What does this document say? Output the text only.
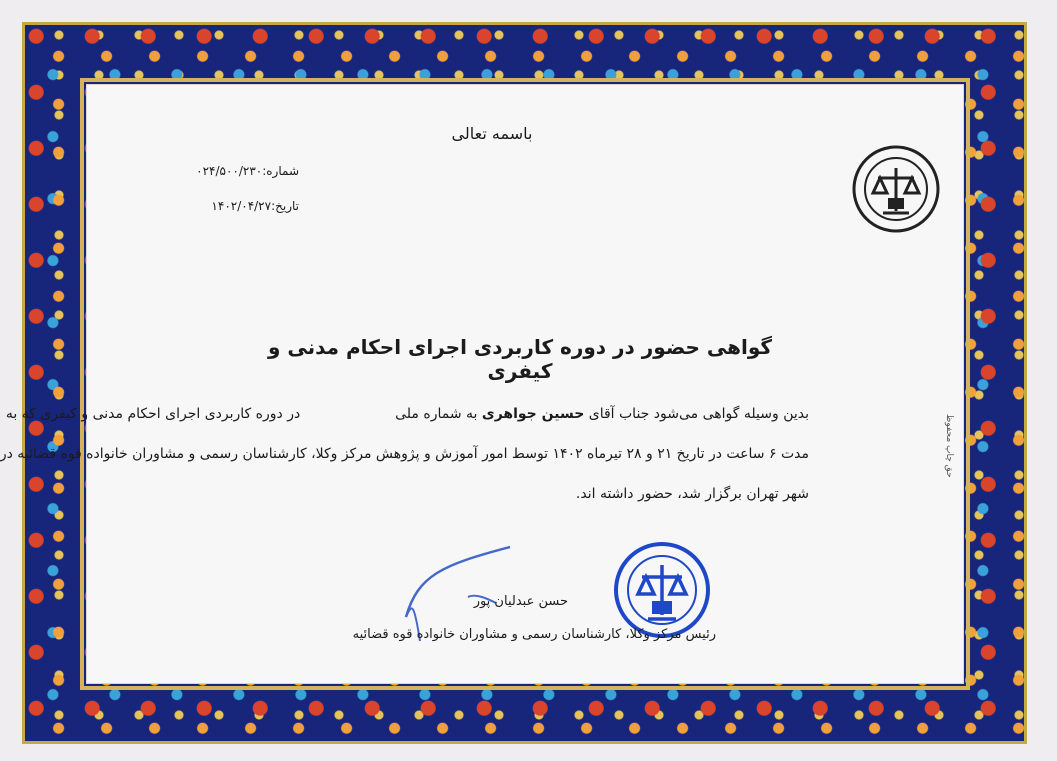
حق چاپ محفوظ
باسمه تعالی
شماره:۰۲۴/۵۰۰/۲۳۰
تاریخ:۱۴۰۲/۰۴/۲۷
گواهی حضور در دوره کاربردی اجرای احکام مدنی و کیفری
بدین وسیله گواهی می‌شود جناب آقای حسین جواهری به شماره ملی  در دوره کاربردی اجرای احکام مدنی و کیفری که به
مدت ۶ ساعت در تاریخ ۲۱ و ۲۸ تیرماه ۱۴۰۲ توسط امور آموزش و پژوهش مرکز وکلا، کارشناسان رسمی و مشاوران خانواده قوه قضائیه در
شهر تهران برگزار شد، حضور داشته اند.
حسن عبدلیان پور
رئیس مرکز وکلا، کارشناسان رسمی و مشاوران خانواده قوه قضائیه
